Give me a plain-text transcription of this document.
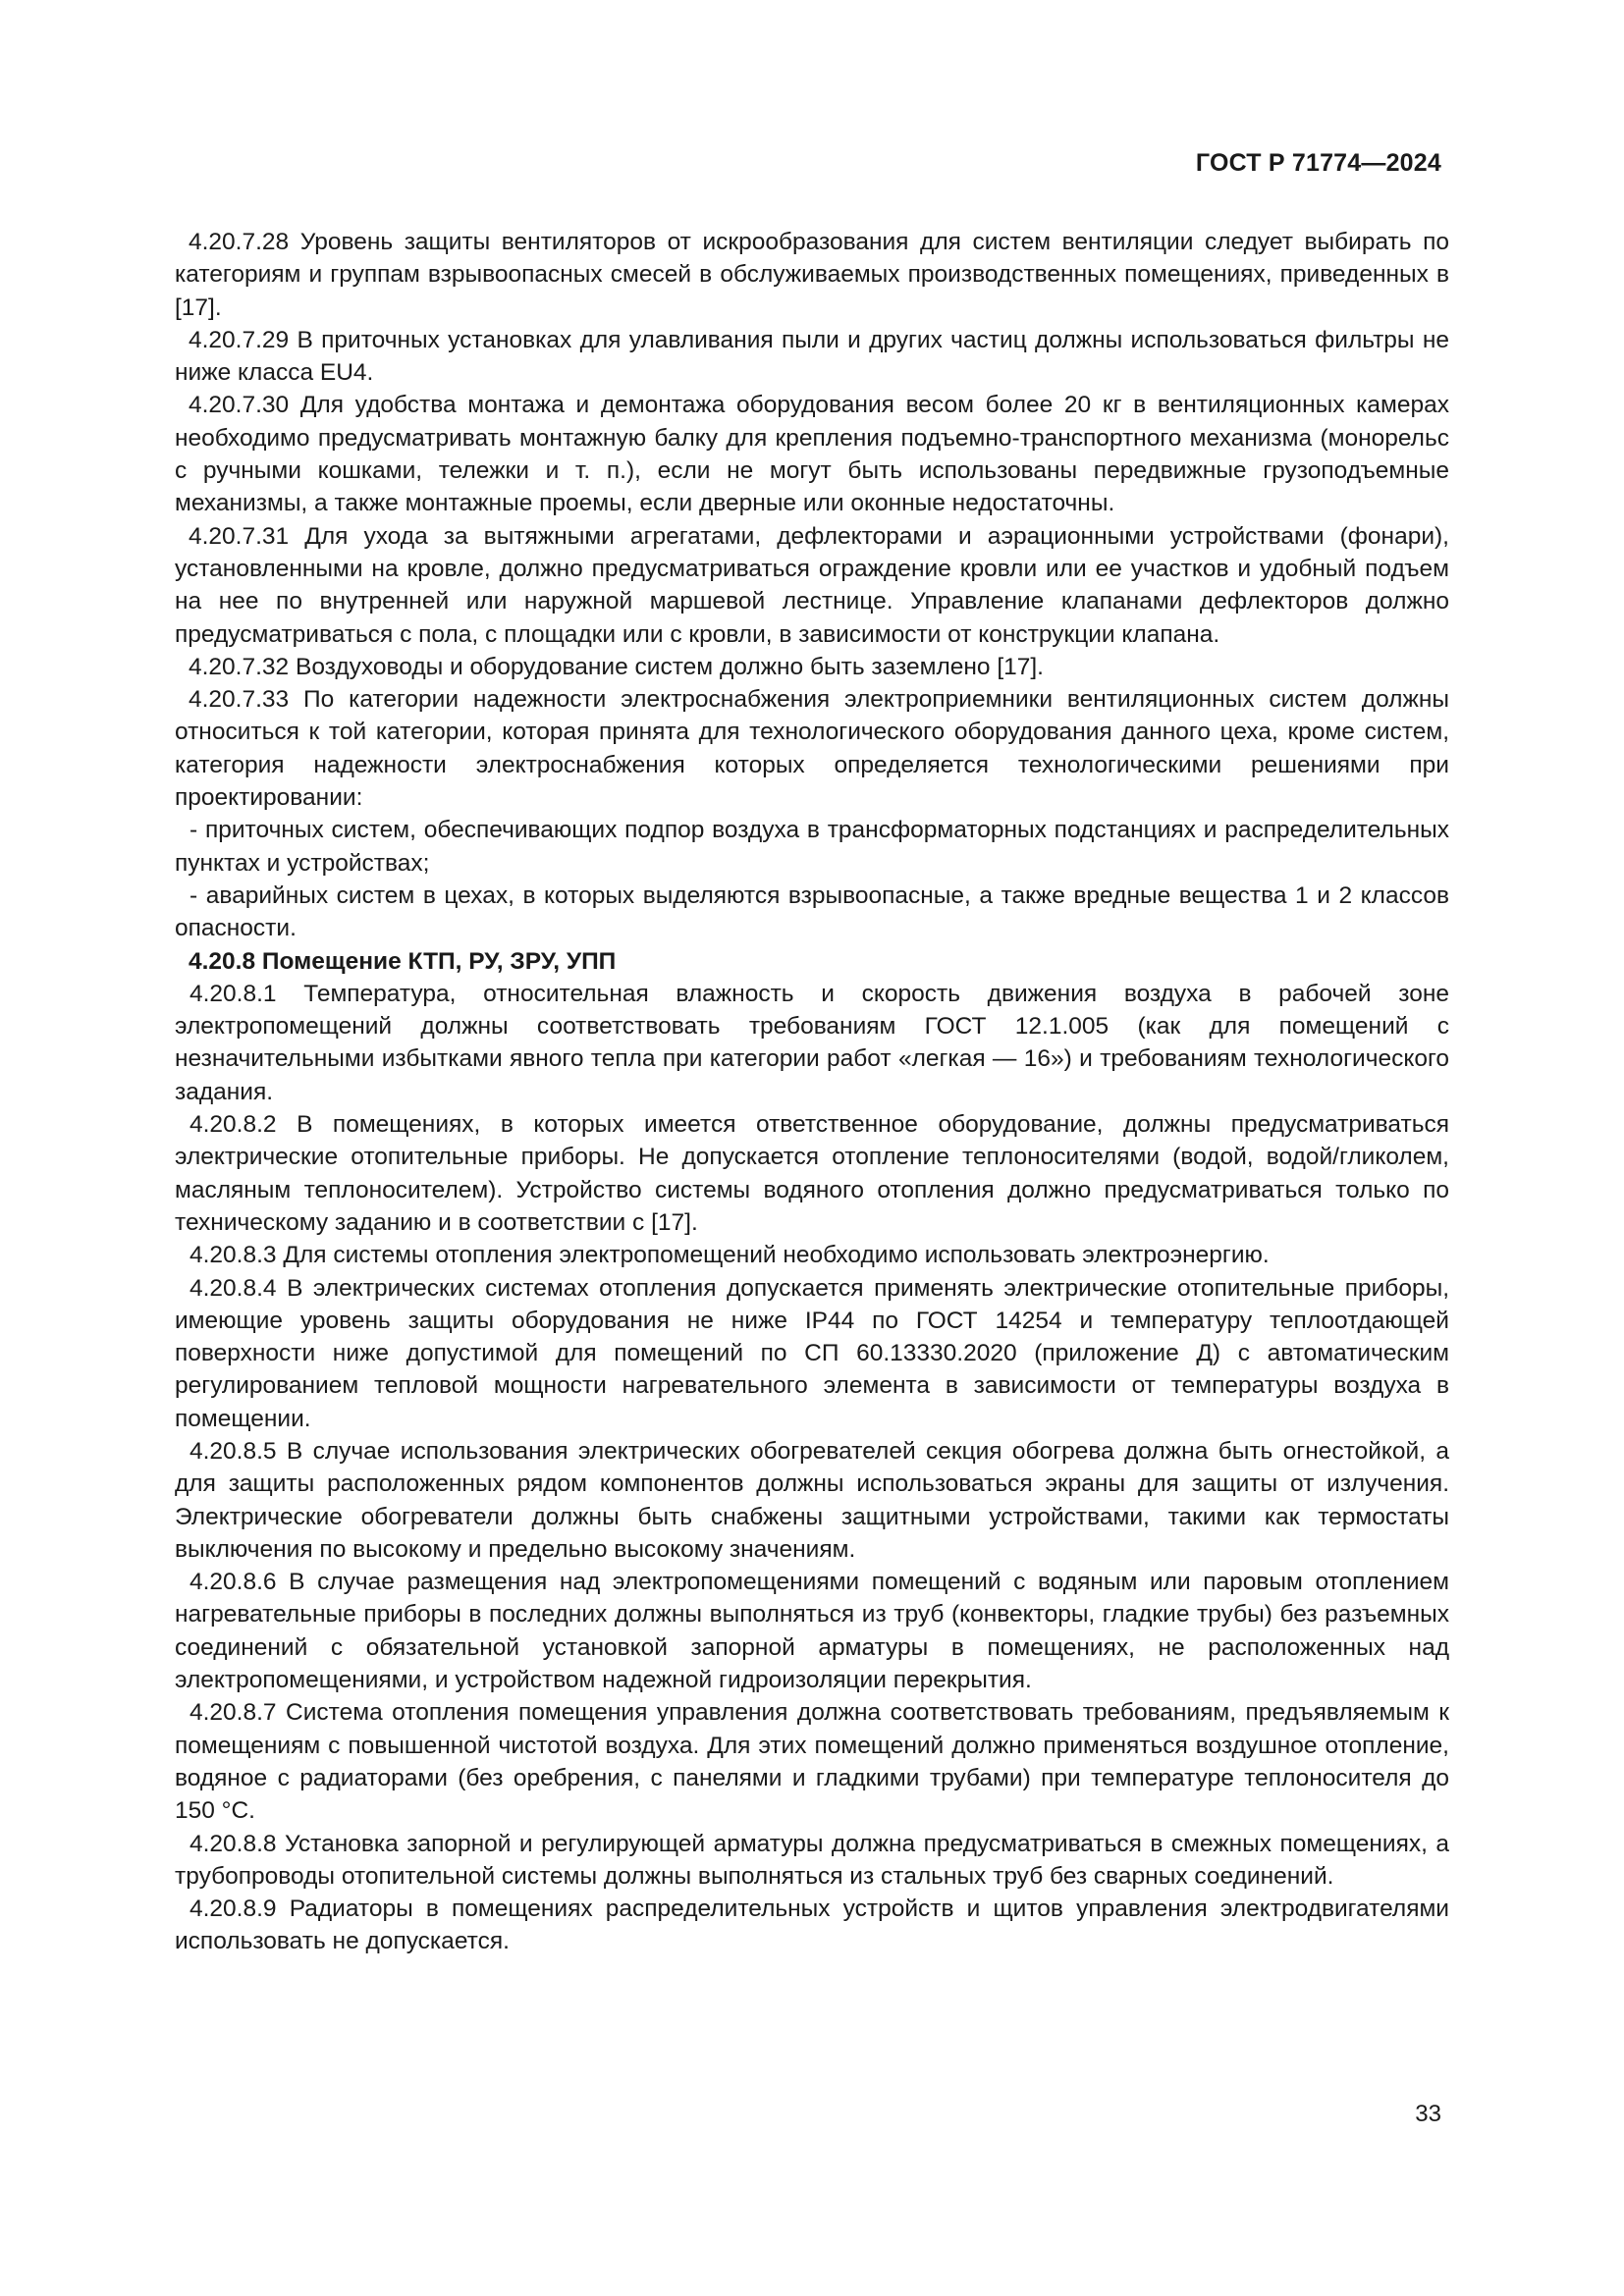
ГОСТ Р 71774—2024

4.20.7.28 Уровень защиты вентиляторов от искрообразования для систем вентиляции следует выбирать по категориям и группам взрывоопасных смесей в обслуживаемых производственных помещениях, приведенных в [17].

4.20.7.29 В приточных установках для улавливания пыли и других частиц должны использоваться фильтры не ниже класса EU4.

4.20.7.30 Для удобства монтажа и демонтажа оборудования весом более 20 кг в вентиляционных камерах необходимо предусматривать монтажную балку для крепления подъемно-транспортного механизма (монорельс с ручными кошками, тележки и т. п.), если не могут быть использованы передвижные грузоподъемные механизмы, а также монтажные проемы, если дверные или оконные недостаточны.

4.20.7.31 Для ухода за вытяжными агрегатами, дефлекторами и аэрационными устройствами (фонари), установленными на кровле, должно предусматриваться ограждение кровли или ее участков и удобный подъем на нее по внутренней или наружной маршевой лестнице. Управление клапанами дефлекторов должно предусматриваться с пола, с площадки или с кровли, в зависимости от конструкции клапана.

4.20.7.32 Воздуховоды и оборудование систем должно быть заземлено [17].

4.20.7.33 По категории надежности электроснабжения электроприемники вентиляционных систем должны относиться к той категории, которая принята для технологического оборудования данного цеха, кроме систем, категория надежности электроснабжения которых определяется технологическими решениями при проектировании:

- приточных систем, обеспечивающих подпор воздуха в трансформаторных подстанциях и распределительных пунктах и устройствах;

- аварийных систем в цехах, в которых выделяются взрывоопасные, а также вредные вещества 1 и 2 классов опасности.

4.20.8 Помещение КТП, РУ, ЗРУ, УПП

4.20.8.1 Температура, относительная влажность и скорость движения воздуха в рабочей зоне электропомещений должны соответствовать требованиям ГОСТ 12.1.005 (как для помещений с незначительными избытками явного тепла при категории работ «легкая — 16») и требованиям технологического задания.

4.20.8.2 В помещениях, в которых имеется ответственное оборудование, должны предусматриваться электрические отопительные приборы. Не допускается отопление теплоносителями (водой, водой/гликолем, масляным теплоносителем). Устройство системы водяного отопления должно предусматриваться только по техническому заданию и в соответствии с [17].

4.20.8.3 Для системы отопления электропомещений необходимо использовать электроэнергию.

4.20.8.4 В электрических системах отопления допускается применять электрические отопительные приборы, имеющие уровень защиты оборудования не ниже IP44 по ГОСТ 14254 и температуру теплоотдающей поверхности ниже допустимой для помещений по СП 60.13330.2020 (приложение Д) с автоматическим регулированием тепловой мощности нагревательного элемента в зависимости от температуры воздуха в помещении.

4.20.8.5 В случае использования электрических обогревателей секция обогрева должна быть огнестойкой, а для защиты расположенных рядом компонентов должны использоваться экраны для защиты от излучения. Электрические обогреватели должны быть снабжены защитными устройствами, такими как термостаты выключения по высокому и предельно высокому значениям.

4.20.8.6 В случае размещения над электропомещениями помещений с водяным или паровым отоплением нагревательные приборы в последних должны выполняться из труб (конвекторы, гладкие трубы) без разъемных соединений с обязательной установкой запорной арматуры в помещениях, не расположенных над электропомещениями, и устройством надежной гидроизоляции перекрытия.

4.20.8.7 Система отопления помещения управления должна соответствовать требованиям, предъявляемым к помещениям с повышенной чистотой воздуха. Для этих помещений должно применяться воздушное отопление, водяное с радиаторами (без оребрения, с панелями и гладкими трубами) при температуре теплоносителя до 150 °С.

4.20.8.8 Установка запорной и регулирующей арматуры должна предусматриваться в смежных помещениях, а трубопроводы отопительной системы должны выполняться из стальных труб без сварных соединений.

4.20.8.9 Радиаторы в помещениях распределительных устройств и щитов управления электродвигателями использовать не допускается.

33
